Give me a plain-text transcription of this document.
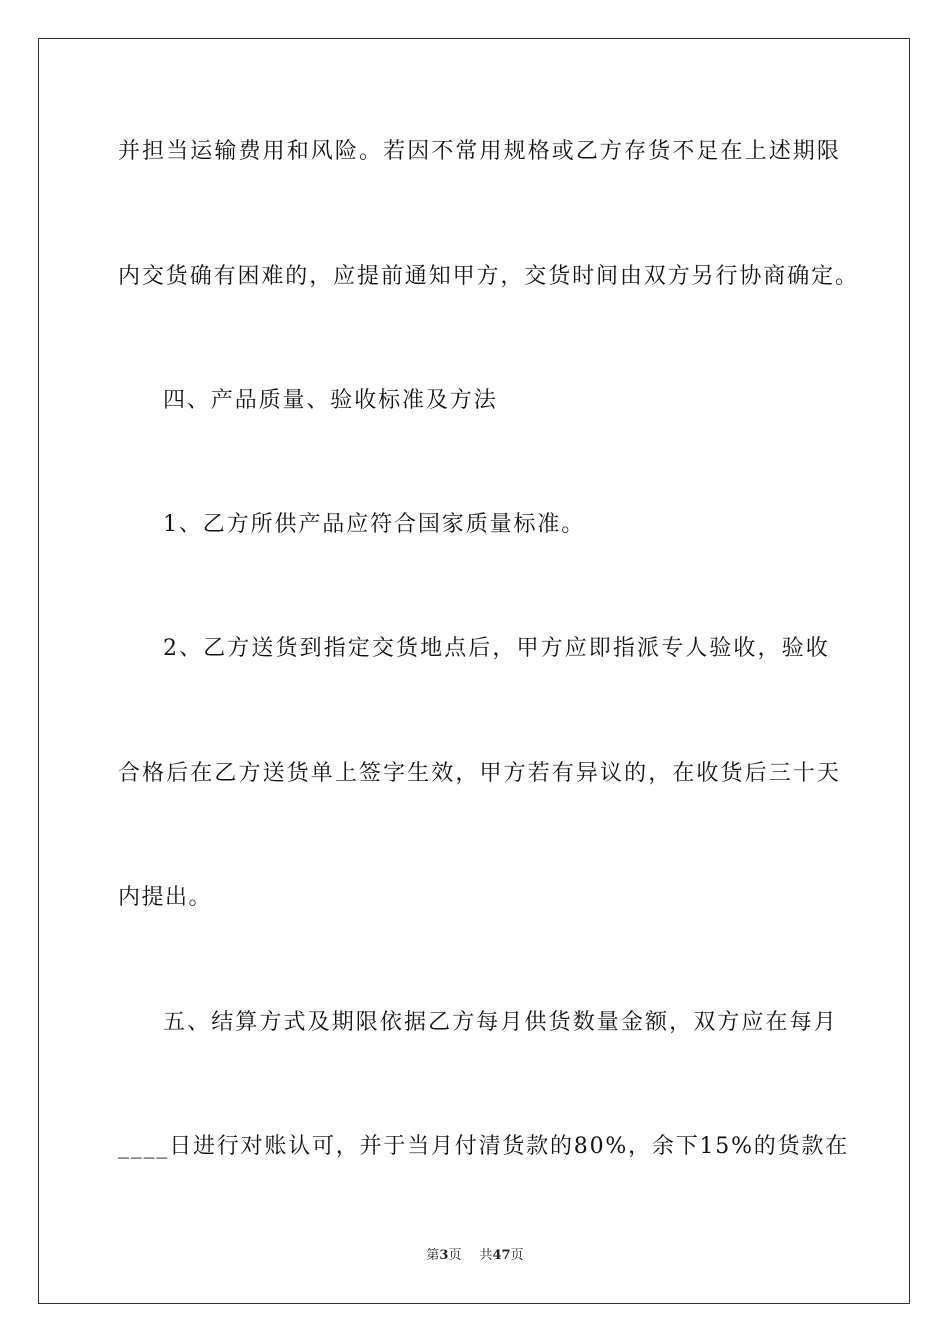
并担当运输费用和风险。若因不常用规格或乙方存货不足在上述期限
内交货确有困难的，应提前通知甲方，交货时间由双方另行协商确定。
四、产品质量、验收标准及方法
1、乙方所供产品应符合国家质量标准。
2、乙方送货到指定交货地点后，甲方应即指派专人验收，验收
合格后在乙方送货单上签字生效，甲方若有异议的，在收货后三十天
内提出。
五、结算方式及期限依据乙方每月供货数量金额，双方应在每月
____日进行对账认可，并于当月付清货款的80%，余下15%的货款在
第3页 共47页
